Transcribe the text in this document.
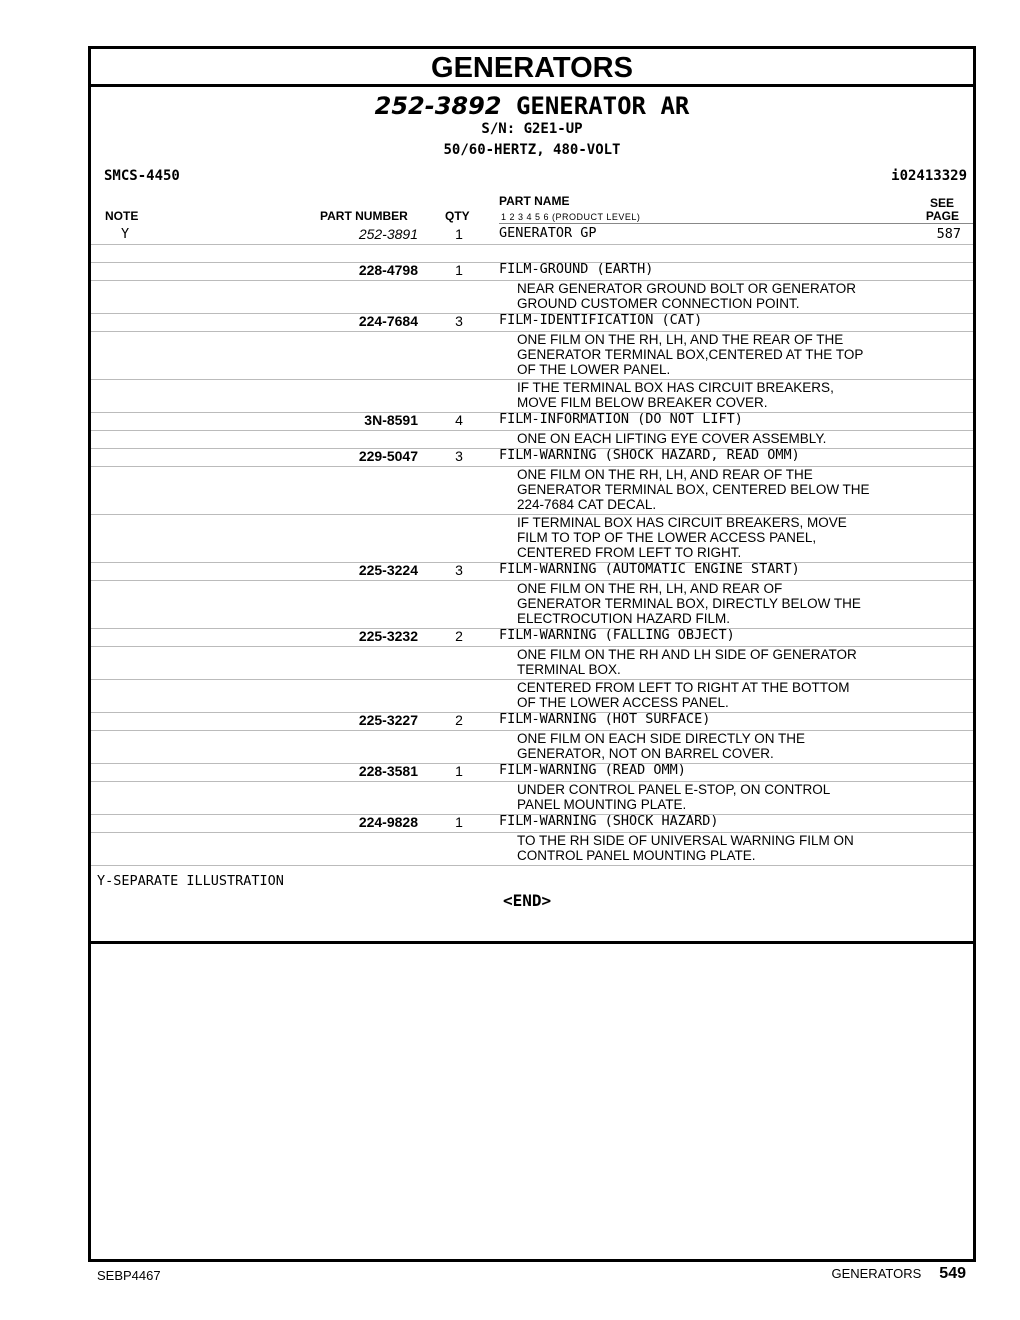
GENERATORS
252-3892 GENERATOR AR
S/N: G2E1-UP
50/60-HERTZ, 480-VOLT
SMCS-4450	i02413329
NOTE	PART NUMBER	QTY
PART NAME
1 2 3 4 5 6 (PRODUCT LEVEL)
SEE
PAGE
Y	252-3891	1	GENERATOR GP	587
228-4798	1	FILM-GROUND (EARTH)
NEAR GENERATOR GROUND BOLT OR GENERATOR
GROUND CUSTOMER CONNECTION POINT.
224-7684	3	FILM-IDENTIFICATION (CAT)
ONE FILM ON THE RH, LH, AND THE REAR OF THE
GENERATOR TERMINAL BOX,CENTERED AT THE TOP
OF THE LOWER PANEL.
IF THE TERMINAL BOX HAS CIRCUIT BREAKERS,
MOVE FILM BELOW BREAKER COVER.
3N-8591	4	FILM-INFORMATION (DO NOT LIFT)
ONE ON EACH LIFTING EYE COVER ASSEMBLY.
229-5047	3	FILM-WARNING (SHOCK HAZARD, READ OMM)
ONE FILM ON THE RH, LH, AND REAR OF THE
GENERATOR TERMINAL BOX, CENTERED BELOW THE
224-7684 CAT DECAL.
IF TERMINAL BOX HAS CIRCUIT BREAKERS, MOVE
FILM TO TOP OF THE LOWER ACCESS PANEL,
CENTERED FROM LEFT TO RIGHT.
225-3224	3	FILM-WARNING (AUTOMATIC ENGINE START)
ONE FILM ON THE RH, LH, AND REAR OF
GENERATOR TERMINAL BOX, DIRECTLY BELOW THE
ELECTROCUTION HAZARD FILM.
225-3232	2	FILM-WARNING (FALLING OBJECT)
ONE FILM ON THE RH AND LH SIDE OF GENERATOR
TERMINAL BOX.
CENTERED FROM LEFT TO RIGHT AT THE BOTTOM
OF THE LOWER ACCESS PANEL.
225-3227	2	FILM-WARNING (HOT SURFACE)
ONE FILM ON EACH SIDE DIRECTLY ON THE
GENERATOR, NOT ON BARREL COVER.
228-3581	1	FILM-WARNING (READ OMM)
UNDER CONTROL PANEL E-STOP, ON CONTROL
PANEL MOUNTING PLATE.
224-9828	1	FILM-WARNING (SHOCK HAZARD)
TO THE RH SIDE OF UNIVERSAL WARNING FILM ON
CONTROL PANEL MOUNTING PLATE.
Y-SEPARATE ILLUSTRATION
<END>
SEBP4467	GENERATORS 549
